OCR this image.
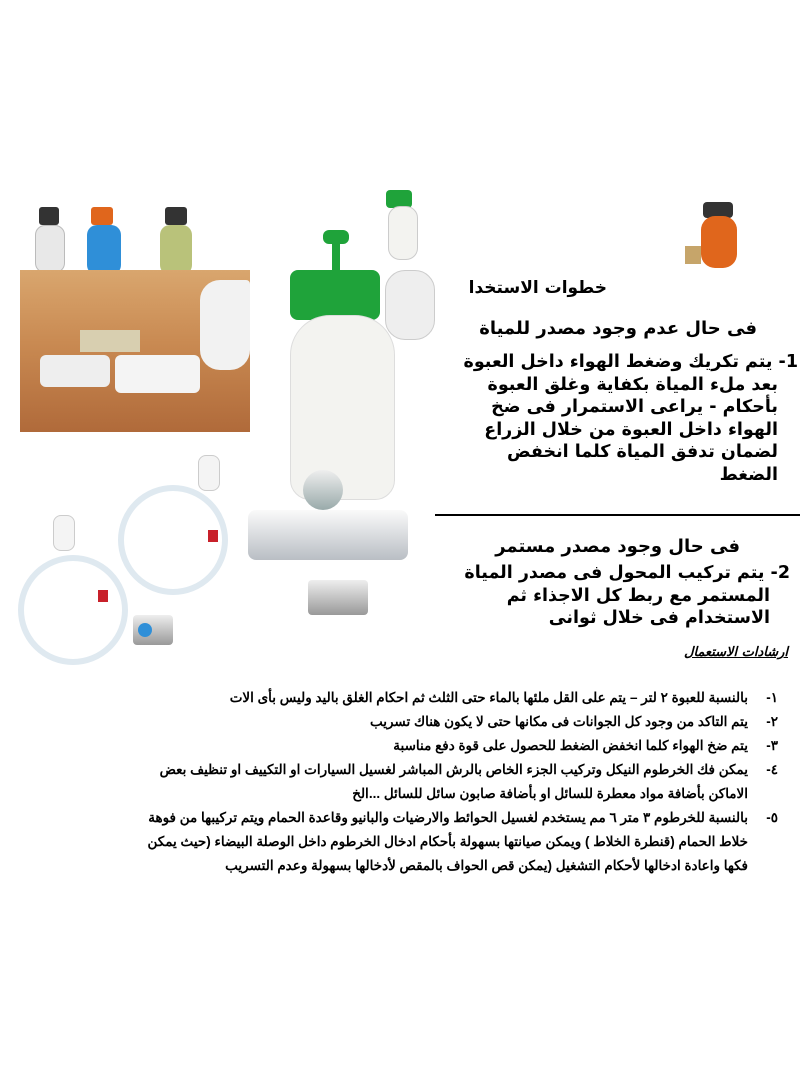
خطوات الاستخدا
فى حال عدم وجود مصدر للمياة
1- يتم تكريك وضغط الهواء داخل العبوة
بعد ملء المياة بكفاية وغلق العبوة
بأحكام - يراعى الاستمرار فى ضخ
الهواء داخل العبوة من خلال الزراع
لضمان تدفق المياة كلما انخفض
الضغط
فى حال وجود مصدر مستمر
2- يتم تركيب المحول فى مصدر المياة
المستمر مع ربط كل الاجذاء ثم
الاستخدام فى خلال ثوانى
ارشادات الاستعمال
١-
بالنسبة للعبوة ٢ لتر – يتم على القل ملئها بالماء حتى الثلث ثم احكام الغلق باليد وليس بأى الات
٢-
يتم التاكد من وجود كل الجوانات فى مكانها حتى لا يكون هناك تسريب
٣-
يتم ضخ الهواء كلما انخفض الضغط للحصول على قوة دفع مناسبة
٤-
يمكن فك الخرطوم النيكل وتركيب الجزء الخاص بالرش المباشر لغسيل السيارات او التكييف او تنظيف بعض
الاماكن بأضافة مواد معطرة للسائل او بأضافة صابون سائل للسائل ...الخ
٥-
بالنسبة للخرطوم ٣ متر ٦ مم يستخدم لغسيل الحوائط والارضيات والبانيو وقاعدة الحمام ويتم تركيبها من فوهة
خلاط الحمام (قنطرة الخلاط ) ويمكن صيانتها بسهولة بأحكام ادخال الخرطوم داخل الوصلة البيضاء (حيث يمكن
فكها واعادة ادخالها لأحكام التشغيل (يمكن قص الحواف بالمقص لأدخالها بسهولة وعدم التسريب
